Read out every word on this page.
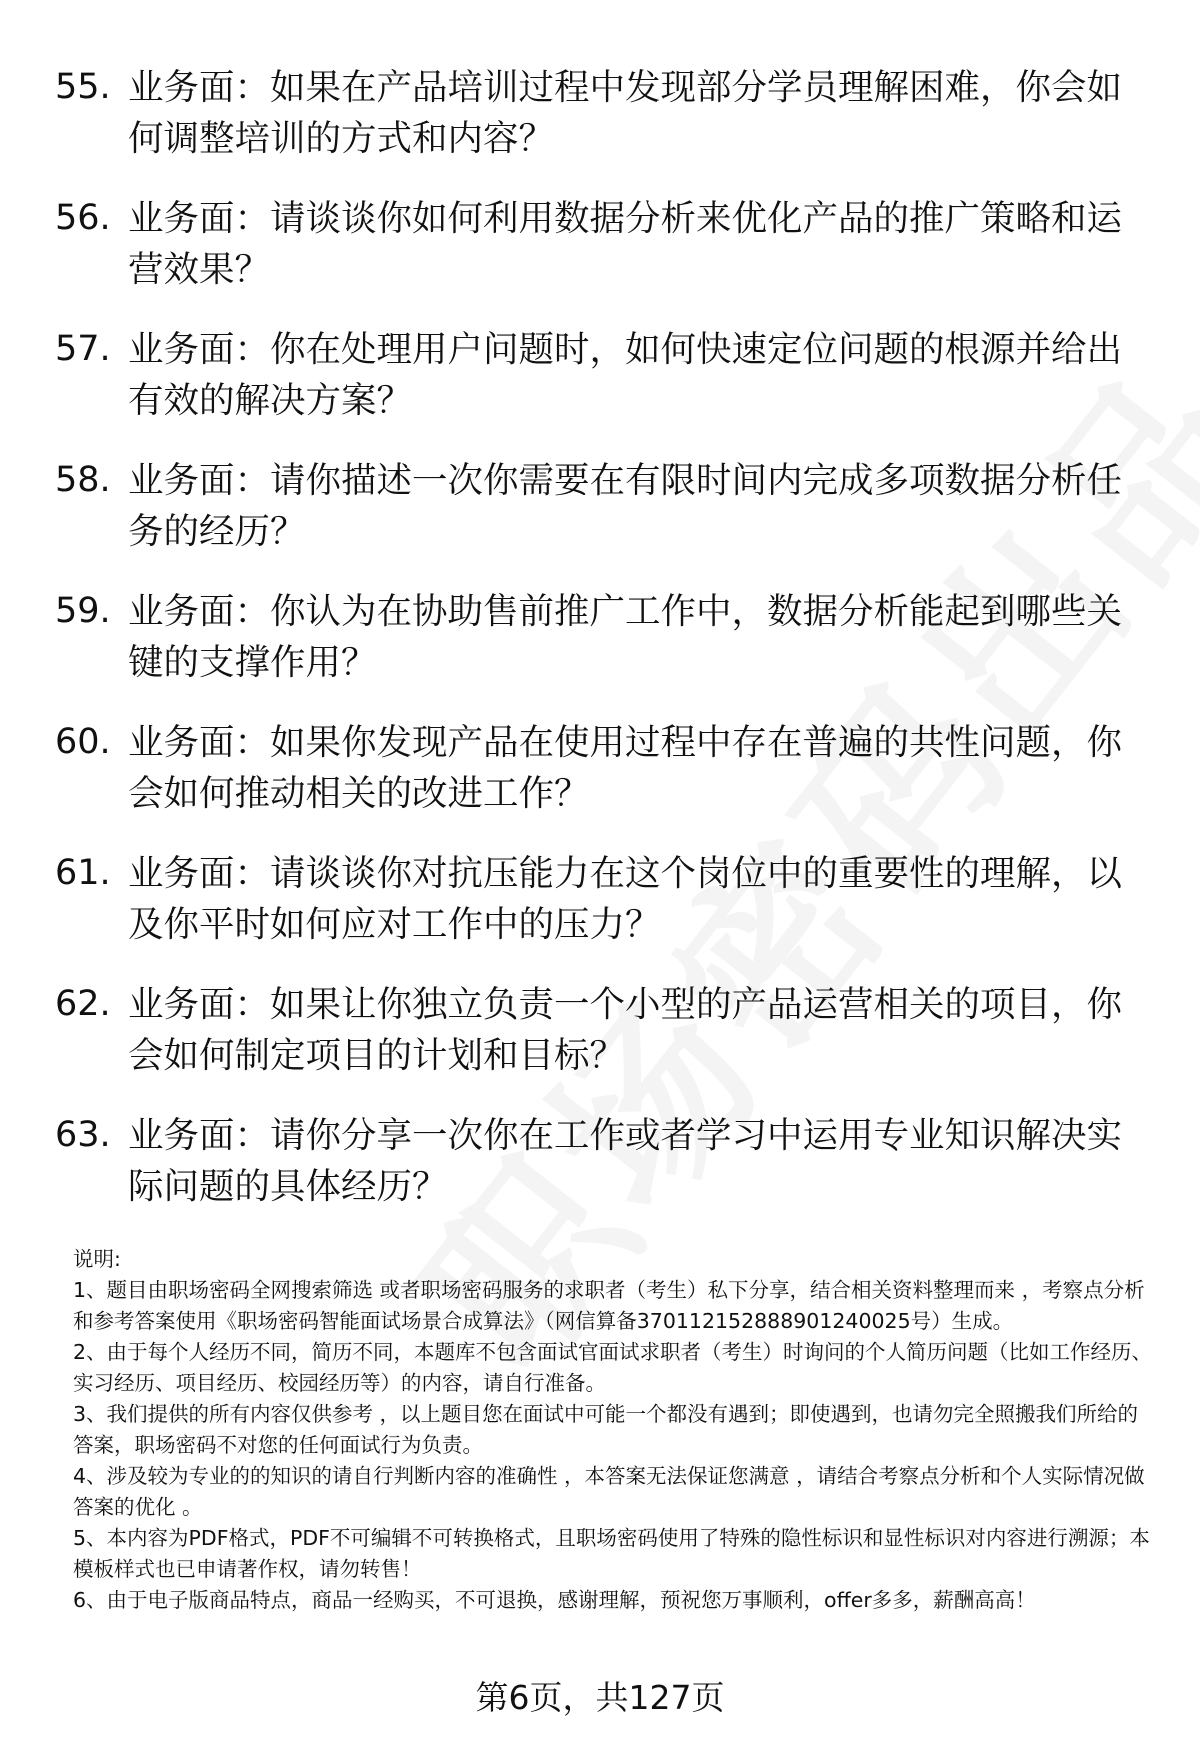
55. 业务面：如果在产品培训过程中发现部分学员理解困难，你会如何调整培训的方式和内容？
56. 业务面：请谈谈你如何利用数据分析来优化产品的推广策略和运营效果？
57. 业务面：你在处理用户问题时，如何快速定位问题的根源并给出有效的解决方案？
58. 业务面：请你描述一次你需要在有限时间内完成多项数据分析任务的经历？
59. 业务面：你认为在协助售前推广工作中，数据分析能起到哪些关键的支撑作用？
60. 业务面：如果你发现产品在使用过程中存在普遍的共性问题，你会如何推动相关的改进工作？
61. 业务面：请谈谈你对抗压能力在这个岗位中的重要性的理解，以及你平时如何应对工作中的压力？
62. 业务面：如果让你独立负责一个小型的产品运营相关的项目，你会如何制定项目的计划和目标？
63. 业务面：请你分享一次你在工作或者学习中运用专业知识解决实际问题的具体经历？
说明:
1、题目由职场密码全网搜索筛选 或者职场密码服务的求职者（考生）私下分享，结合相关资料整理而来 ，考察点分析和参考答案使用《职场密码智能面试场景合成算法》（网信算备370112152888901240025号）生成。
2、由于每个人经历不同，简历不同，本题库不包含面试官面试求职者（考生）时询问的个人简历问题（比如工作经历、实习经历、项目经历、校园经历等）的内容，请自行准备。
3、我们提供的所有内容仅供参考 ，以上题目您在面试中可能一个都没有遇到；即使遇到，也请勿完全照搬我们所给的答案，职场密码不对您的任何面试行为负责。
4、涉及较为专业的的知识的请自行判断内容的准确性 ，本答案无法保证您满意 ，请结合考察点分析和个人实际情况做答案的优化 。
5、本内容为PDF格式，PDF不可编辑不可转换格式，且职场密码使用了特殊的隐性标识和显性标识对内容进行溯源；本模板样式也已申请著作权，请勿转售！
6、由于电子版商品特点，商品一经购买，不可退换，感谢理解，预祝您万事顺利，offer多多，薪酬高高！
第6页，共127页
